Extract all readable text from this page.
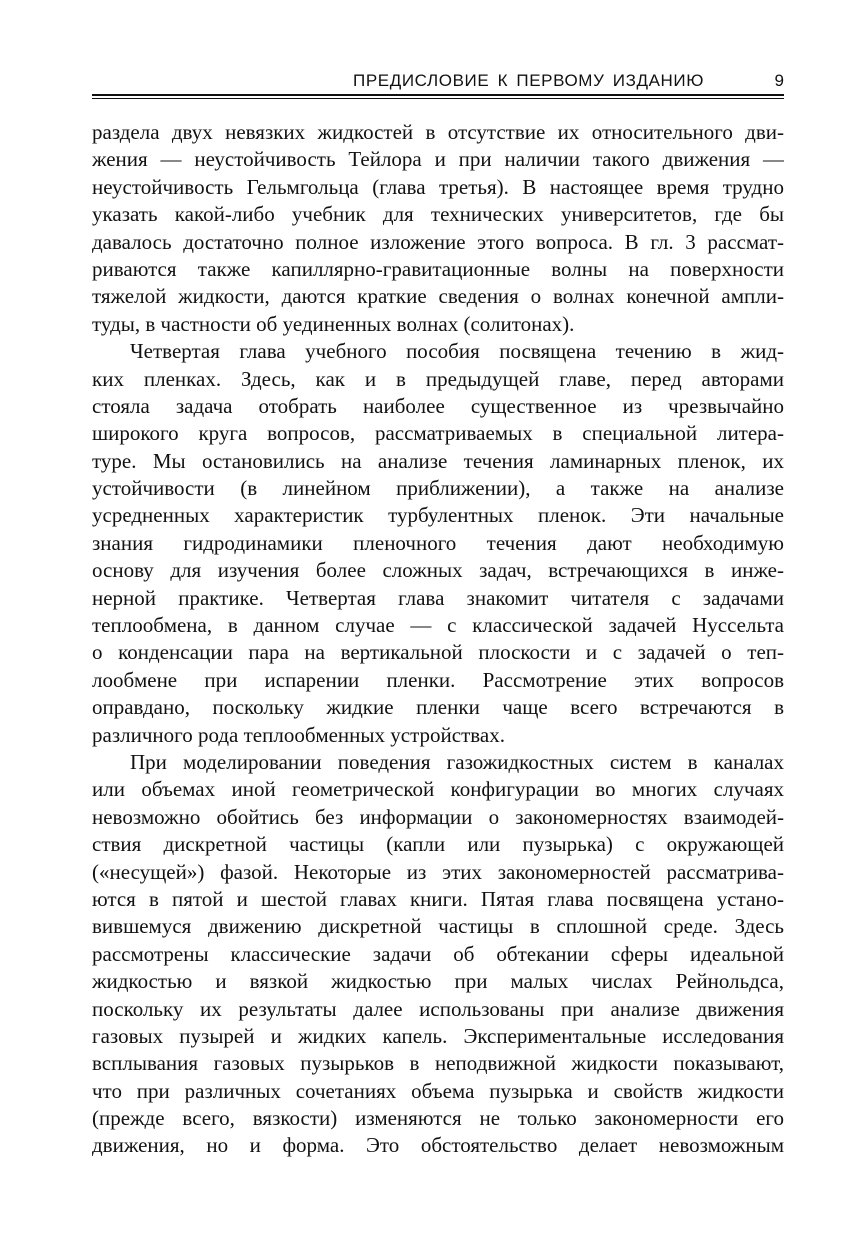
ПРЕДИСЛОВИЕ К ПЕРВОМУ ИЗДАНИЮ	9
раздела двух невязких жидкостей в отсутствие их относительного дви-
жения — неустойчивость Тейлора и при наличии такого движения —
неустойчивость Гельмгольца (глава третья). В настоящее время трудно
указать какой-либо учебник для технических университетов, где бы
давалось достаточно полное изложение этого вопроса. В гл. 3 рассмат-
риваются также капиллярно-гравитационные волны на поверхности
тяжелой жидкости, даются краткие сведения о волнах конечной ампли-
туды, в частности об уединенных волнах (солитонах).
Четвертая глава учебного пособия посвящена течению в жид-
ких пленках. Здесь, как и в предыдущей главе, перед авторами
стояла задача отобрать наиболее существенное из чрезвычайно
широкого круга вопросов, рассматриваемых в специальной литера-
туре. Мы остановились на анализе течения ламинарных пленок, их
устойчивости (в линейном приближении), а также на анализе
усредненных характеристик турбулентных пленок. Эти начальные
знания гидродинамики пленочного течения дают необходимую
основу для изучения более сложных задач, встречающихся в инже-
нерной практике. Четвертая глава знакомит читателя с задачами
теплообмена, в данном случае — с классической задачей Нуссельта
о конденсации пара на вертикальной плоскости и с задачей о теп-
лообмене при испарении пленки. Рассмотрение этих вопросов
оправдано, поскольку жидкие пленки чаще всего встречаются в
различного рода теплообменных устройствах.
При моделировании поведения газожидкостных систем в каналах
или объемах иной геометрической конфигурации во многих случаях
невозможно обойтись без информации о закономерностях взаимодей-
ствия дискретной частицы (капли или пузырька) с окружающей
(«несущей») фазой. Некоторые из этих закономерностей рассматрива-
ются в пятой и шестой главах книги. Пятая глава посвящена устано-
вившемуся движению дискретной частицы в сплошной среде. Здесь
рассмотрены классические задачи об обтекании сферы идеальной
жидкостью и вязкой жидкостью при малых числах Рейнольдса,
поскольку их результаты далее использованы при анализе движения
газовых пузырей и жидких капель. Экспериментальные исследования
всплывания газовых пузырьков в неподвижной жидкости показывают,
что при различных сочетаниях объема пузырька и свойств жидкости
(прежде всего, вязкости) изменяются не только закономерности его
движения, но и форма. Это обстоятельство делает невозможным
